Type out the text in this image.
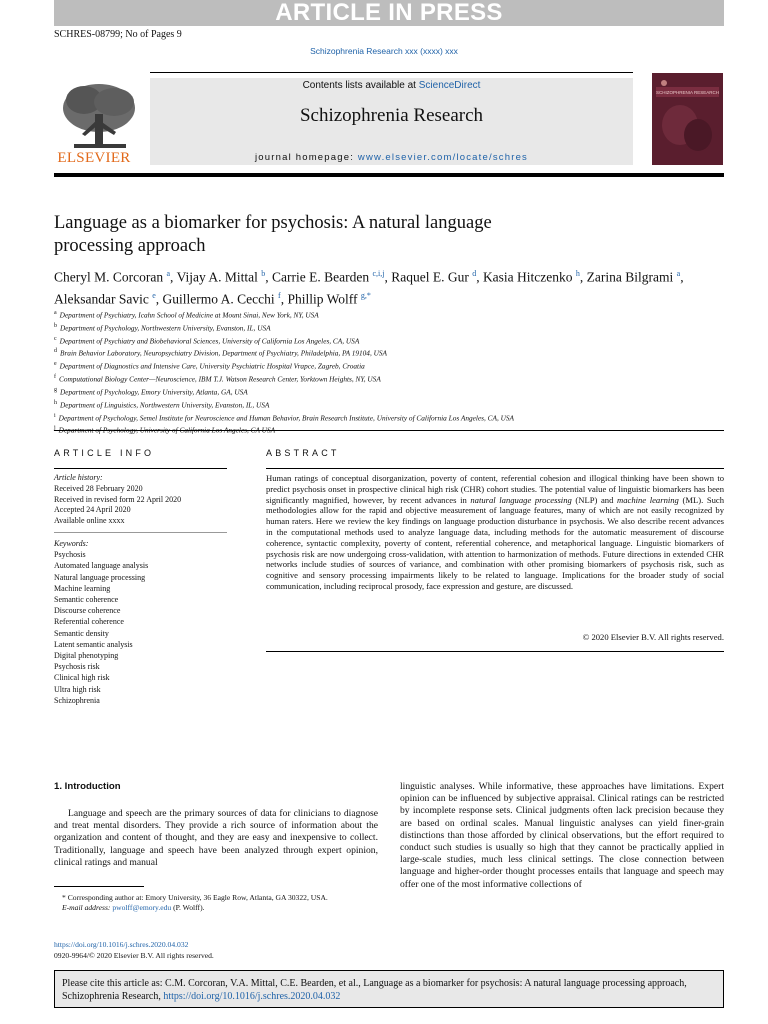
ARTICLE IN PRESS
SCHRES-08799; No of Pages 9
Schizophrenia Research xxx (xxxx) xxx
ELSEVIER
Contents lists available at ScienceDirect
Schizophrenia Research
journal homepage: www.elsevier.com/locate/schres
SCHIZOPHRENIA RESEARCH
Language as a biomarker for psychosis: A natural language processing approach
Cheryl M. Corcoran $^a$, Vijay A. Mittal $^b$, Carrie E. Bearden $^{c,i,j}$, Raquel E. Gur $^d$, Kasia Hitczenko $^h$, Zarina Bilgrami $^a$,
Aleksandar Savic $^e$, Guillermo A. Cecchi $^f$, Phillip Wolff $^{g,*}$
$^a$ Department of Psychiatry, Icahn School of Medicine at Mount Sinai, New York, NY, USA
$^b$ Department of Psychology, Northwestern University, Evanston, IL, USA
$^c$ Department of Psychiatry and Biobehavioral Sciences, University of California Los Angeles, CA, USA
$^d$ Brain Behavior Laboratory, Neuropsychiatry Division, Department of Psychiatry, Philadelphia, PA 19104, USA
$^e$ Department of Diagnostics and Intensive Care, University Psychiatric Hospital Vrapce, Zagreb, Croatia
$^f$ Computational Biology Center—Neuroscience, IBM T.J. Watson Research Center, Yorktown Heights, NY, USA
$^g$ Department of Psychology, Emory University, Atlanta, GA, USA
$^h$ Department of Linguistics, Northwestern University, Evanston, IL, USA
$^i$ Department of Psychology, Semel Institute for Neuroscience and Human Behavior, Brain Research Institute, University of California Los Angeles, CA, USA
$^j$
ARTICLE INFO	ABSTRACT
Article history:
Received 28 February 2020
Received in revised form 22 April 2020
Accepted 24 April 2020
Available online xxxx
Keywords:
Psychosis
Automated language analysis
Natural language processing
Machine learning
Semantic coherence
Discourse coherence
Referential coherence
Semantic density
Latent semantic analysis
Digital phenotyping
Psychosis risk
Clinical high risk
Ultra high risk
Schizophrenia
Human ratings of conceptual disorganization, poverty of content, referential cohesion and illogical thinking have been shown to predict psychosis onset in prospective clinical high risk (CHR) cohort studies. The potential value of linguistic biomarkers has been significantly magnified, however, by recent advances in natural language processing (NLP) and machine learning (ML). Such methodologies allow for the rapid and objective measurement of language features, many of which are not easily recognized by human raters. Here we review the key findings on language production disturbance in psychosis. We also describe recent advances in the computational methods used to analyze language data, including methods for the automatic measurement of discourse coherence, syntactic complexity, poverty of content, referential coherence, and metaphorical language. Linguistic biomarkers of psychosis risk are now undergoing cross-validation, with attention to harmonization of methods. Future directions in extended CHR networks include studies of sources of variance, and combination with other promising biomarkers of psychosis risk, such as cognitive and sensory processing impairments likely to be related to language. Implications for the broader study of social communication, including reciprocal prosody, face expression and gesture, are discussed.
© 2020 Elsevier B.V. All rights reserved.
1. Introduction
Language and speech are the primary sources of data for clinicians to diagnose and treat mental disorders. They provide a rich source of information about the organization and content of thought, and they are easy and inexpensive to collect. Traditionally, language and speech have been analyzed through expert opinion, clinical ratings and manual
linguistic analyses. While informative, these approaches have limitations. Expert opinion can be influenced by subjective appraisal. Clinical ratings can be restricted by incomplete response sets. Clinical judgments often lack precision because they are based on ordinal scales. Manual linguistic analyses can yield finer-grain distinctions than those afforded by clinical observations, but the effort required to conduct such studies is usually so high that they cannot be practically applied in large-scale studies, much less clinical settings. The close connection between language and higher-order thought processes entails that language and speech may offer one of the most informative collections of
* Corresponding author at: Emory University, 36 Eagle Row, Atlanta, GA 30322, USA.
E-mail address: pwolff@emory.edu (P. Wolff).
https://doi.org/10.1016/j.schres.2020.04.032
0920-9964/© 2020 Elsevier B.V. All rights reserved.
Please cite this article as: C.M. Corcoran, V.A. Mittal, C.E. Bearden, et al., Language as a biomarker for psychosis: A natural language processing approach, Schizophrenia Research, https://doi.org/10.1016/j.schres.2020.04.032
